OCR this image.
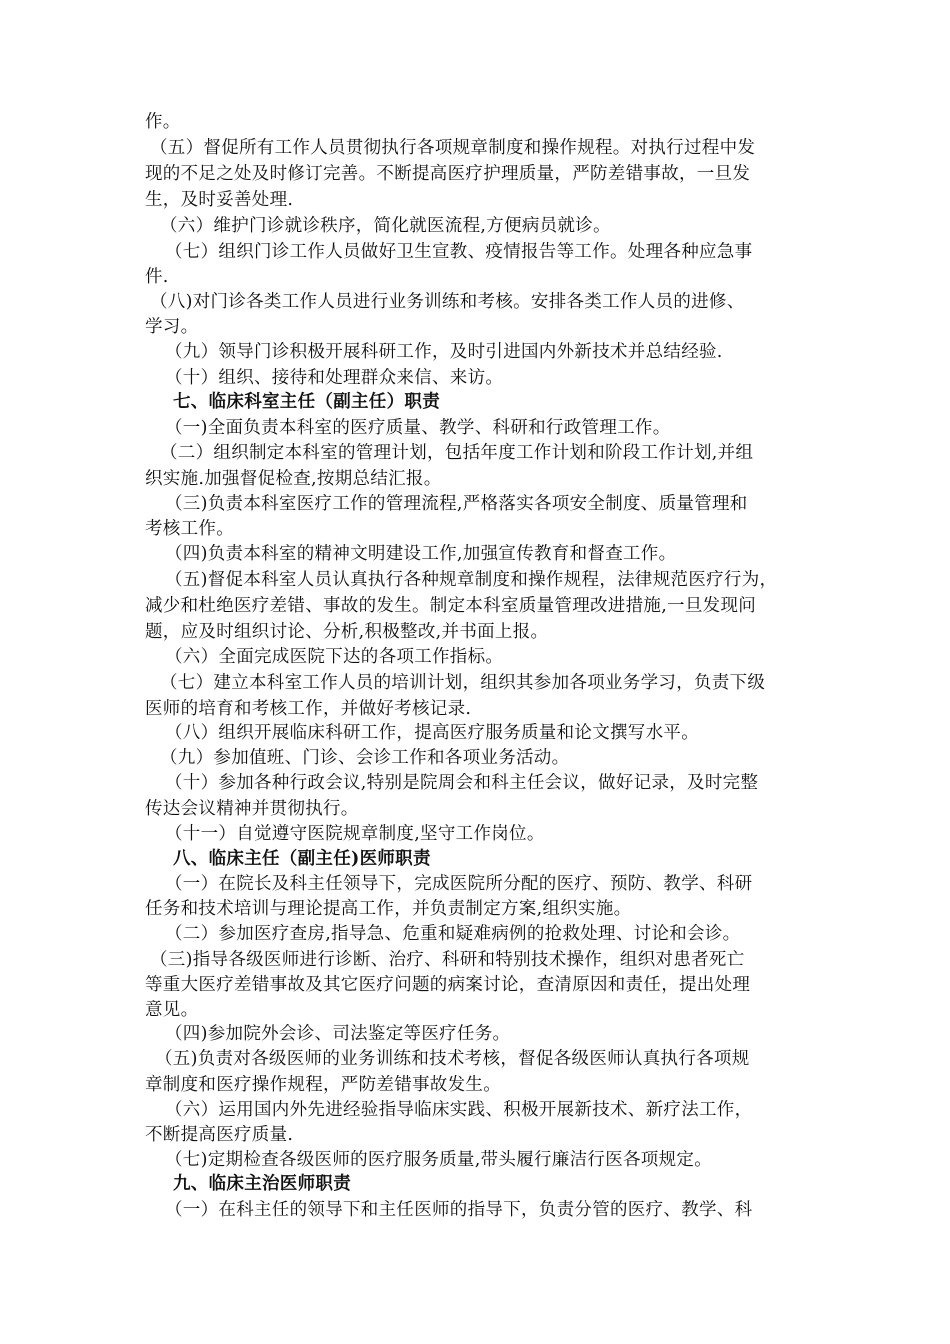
作。
（五）督促所有工作人员贯彻执行各项规章制度和操作规程。对执行过程中发
现的不足之处及时修订完善。不断提高医疗护理质量，严防差错事故，一旦发
生，及时妥善处理.
（六）维护门诊就诊秩序，简化就医流程,方便病员就诊。
（七）组织门诊工作人员做好卫生宣教、疫情报告等工作。处理各种应急事
件.
（八)对门诊各类工作人员进行业务训练和考核。安排各类工作人员的进修、
学习。
（九）领导门诊积极开展科研工作，及时引进国内外新技术并总结经验.
（十）组织、接待和处理群众来信、来访。
七、临床科室主任（副主任）职责
（一)全面负责本科室的医疗质量、教学、科研和行政管理工作。
（二）组织制定本科室的管理计划，包括年度工作计划和阶段工作计划,并组
织实施.加强督促检查,按期总结汇报。
（三)负责本科室医疗工作的管理流程,严格落实各项安全制度、质量管理和
考核工作。
（四)负责本科室的精神文明建设工作,加强宣传教育和督查工作。
（五)督促本科室人员认真执行各种规章制度和操作规程，法律规范医疗行为，
减少和杜绝医疗差错、事故的发生。制定本科室质量管理改进措施,一旦发现问
题，应及时组织讨论、分析,积极整改,并书面上报。
（六）全面完成医院下达的各项工作指标。
（七）建立本科室工作人员的培训计划，组织其参加各项业务学习，负责下级
医师的培育和考核工作，并做好考核记录.
（八）组织开展临床科研工作，提高医疗服务质量和论文撰写水平。
（九）参加值班、门诊、会诊工作和各项业务活动。
（十）参加各种行政会议,特别是院周会和科主任会议，做好记录，及时完整
传达会议精神并贯彻执行。
（十一）自觉遵守医院规章制度,坚守工作岗位。
八、临床主任（副主任)医师职责
（一）在院长及科主任领导下，完成医院所分配的医疗、预防、教学、科研
任务和技术培训与理论提高工作，并负责制定方案,组织实施。
（二）参加医疗查房,指导急、危重和疑难病例的抢救处理、讨论和会诊。
（三)指导各级医师进行诊断、治疗、科研和特别技术操作，组织对患者死亡
等重大医疗差错事故及其它医疗问题的病案讨论，查清原因和责任，提出处理
意见。
（四)参加院外会诊、司法鉴定等医疗任务。
（五)负责对各级医师的业务训练和技术考核，督促各级医师认真执行各项规
章制度和医疗操作规程，严防差错事故发生。
（六）运用国内外先进经验指导临床实践、积极开展新技术、新疗法工作，
不断提高医疗质量.
（七)定期检查各级医师的医疗服务质量,带头履行廉洁行医各项规定。
九、临床主治医师职责
（一）在科主任的领导下和主任医师的指导下，负责分管的医疗、教学、科
